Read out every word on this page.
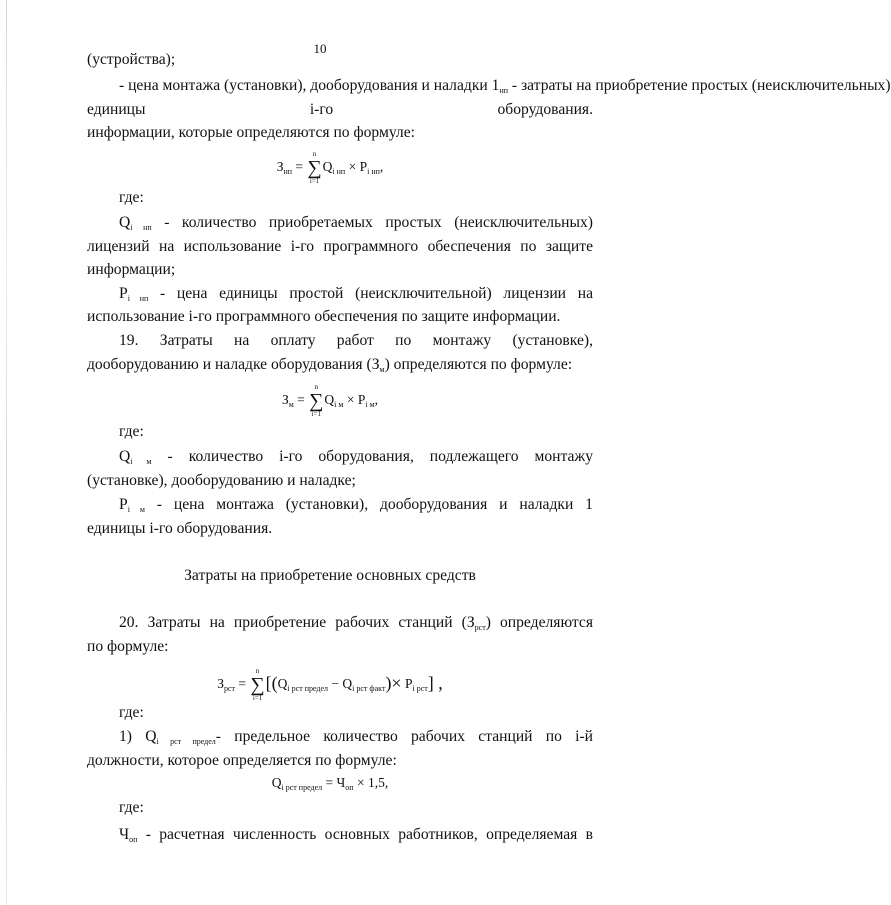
10
(устройства);
- цена монтажа (установки), дооборудования и наладки 1нп - затраты на приобретение простых (неисключительных)
единицы i-го оборудования.
информации, которые определяются по формуле:
$З_{нп}$ =
n
∑
i=1
$Q_{i нп} \times P_{i нп}$,
где:
Qi нп - количество приобретаемых простых (неисключительных)
лицензий на использование i-го программного обеспечения по защите
информации;
Pi нп - цена единицы простой (неисключительной) лицензии на
использование i-го программного обеспечения по защите информации.
19. Затраты на оплату работ по монтажу (установке),
дооборудованию и наладке оборудования (Зм) определяются по формуле:
$З_м$ =
n
∑
i=1
$Q_{i м} \times P_{i м}$,
где:
Qi м - количество i-го оборудования, подлежащего монтажу
(установке), дооборудованию и наладке;
Pi м - цена монтажа (установки), дооборудования и наладки 1
единицы i-го оборудования.
Затраты на приобретение основных средств
20. Затраты на приобретение рабочих станций (Зрст) определяются
по формуле:
$З_{рст}$ =
n
∑
i=1
$[(Q_{i рст предел} - Q_{i рст факт})\times P_{i рст}]$ ,
где:
1) Qi рст предел- предельное количество рабочих станций по i-й
должности, которое определяется по формуле:
$Q_{i рст предел} = Ч_{оп} \times 1,5$,
где:
Чоп - расчетная численность основных работников, определяемая в
